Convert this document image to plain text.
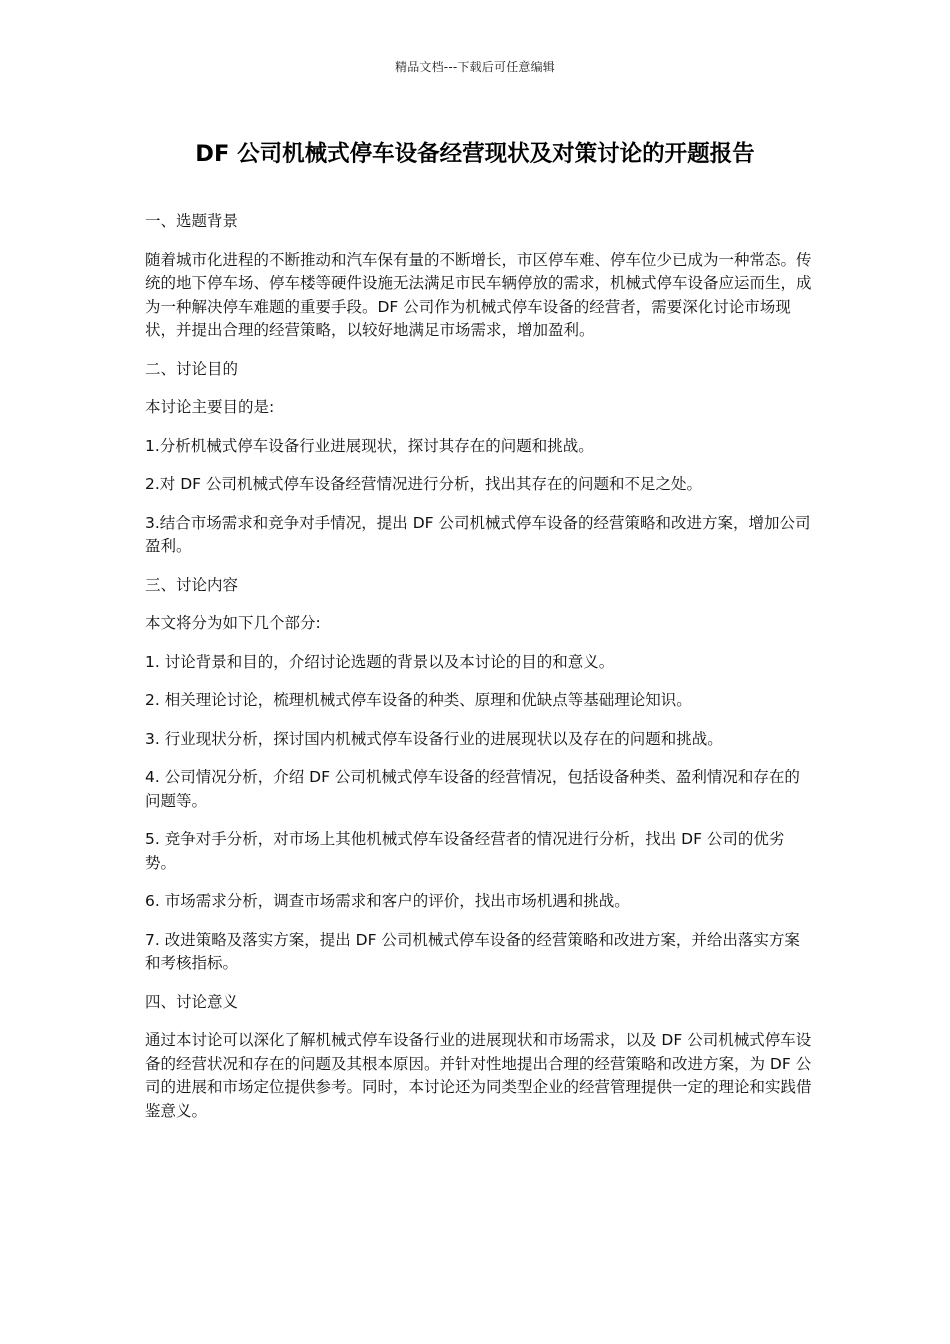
精品文档---下载后可任意编辑
DF 公司机械式停车设备经营现状及对策讨论的开题报告

一、选题背景

随着城市化进程的不断推动和汽车保有量的不断增长，市区停车难、停车位少已成为一种常态。传统的地下停车场、停车楼等硬件设施无法满足市民车辆停放的需求，机械式停车设备应运而生，成为一种解决停车难题的重要手段。DF 公司作为机械式停车设备的经营者，需要深化讨论市场现状，并提出合理的经营策略，以较好地满足市场需求，增加盈利。

二、讨论目的

本讨论主要目的是:

1.分析机械式停车设备行业进展现状，探讨其存在的问题和挑战。

2.对 DF 公司机械式停车设备经营情况进行分析，找出其存在的问题和不足之处。

3.结合市场需求和竞争对手情况，提出 DF 公司机械式停车设备的经营策略和改进方案，增加公司盈利。

三、讨论内容

本文将分为如下几个部分:

1. 讨论背景和目的，介绍讨论选题的背景以及本讨论的目的和意义。

2. 相关理论讨论，梳理机械式停车设备的种类、原理和优缺点等基础理论知识。

3. 行业现状分析，探讨国内机械式停车设备行业的进展现状以及存在的问题和挑战。

4. 公司情况分析，介绍 DF 公司机械式停车设备的经营情况，包括设备种类、盈利情况和存在的问题等。

5. 竞争对手分析，对市场上其他机械式停车设备经营者的情况进行分析，找出 DF 公司的优劣势。

6. 市场需求分析，调查市场需求和客户的评价，找出市场机遇和挑战。

7. 改进策略及落实方案，提出 DF 公司机械式停车设备的经营策略和改进方案，并给出落实方案和考核指标。

四、讨论意义

通过本讨论可以深化了解机械式停车设备行业的进展现状和市场需求，以及 DF 公司机械式停车设备的经营状况和存在的问题及其根本原因。并针对性地提出合理的经营策略和改进方案，为 DF 公司的进展和市场定位提供参考。同时，本讨论还为同类型企业的经营管理提供一定的理论和实践借鉴意义。
